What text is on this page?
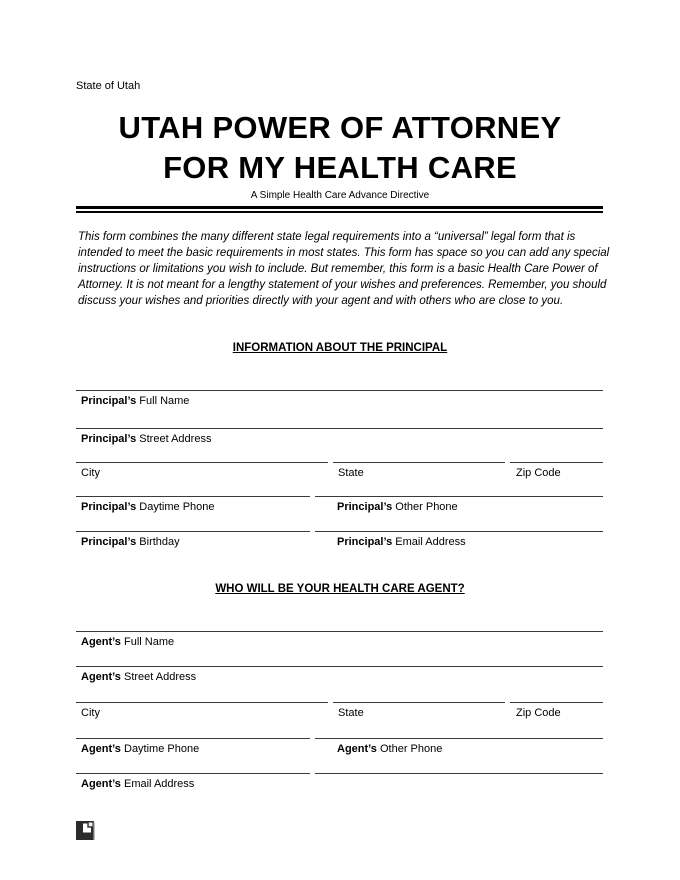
State of Utah
UTAH POWER OF ATTORNEY
FOR MY HEALTH CARE
A Simple Health Care Advance Directive
This form combines the many different state legal requirements into a “universal” legal form that is
intended to meet the basic requirements in most states. This form has space so you can add any special
instructions or limitations you wish to include. But remember, this form is a basic Health Care Power of
Attorney. It is not meant for a lengthy statement of your wishes and preferences. Remember, you should
discuss your wishes and priorities directly with your agent and with others who are close to you.
INFORMATION ABOUT THE PRINCIPAL
Principal’s Full Name
Principal’s Street Address
City	State	Zip Code
Principal’s Daytime Phone	Principal’s Other Phone
Principal’s Birthday	Principal’s Email Address
WHO WILL BE YOUR HEALTH CARE AGENT?
Agent’s Full Name
Agent’s Street Address
City	State	Zip Code
Agent’s Daytime Phone	Agent’s Other Phone
Agent’s Email Address
